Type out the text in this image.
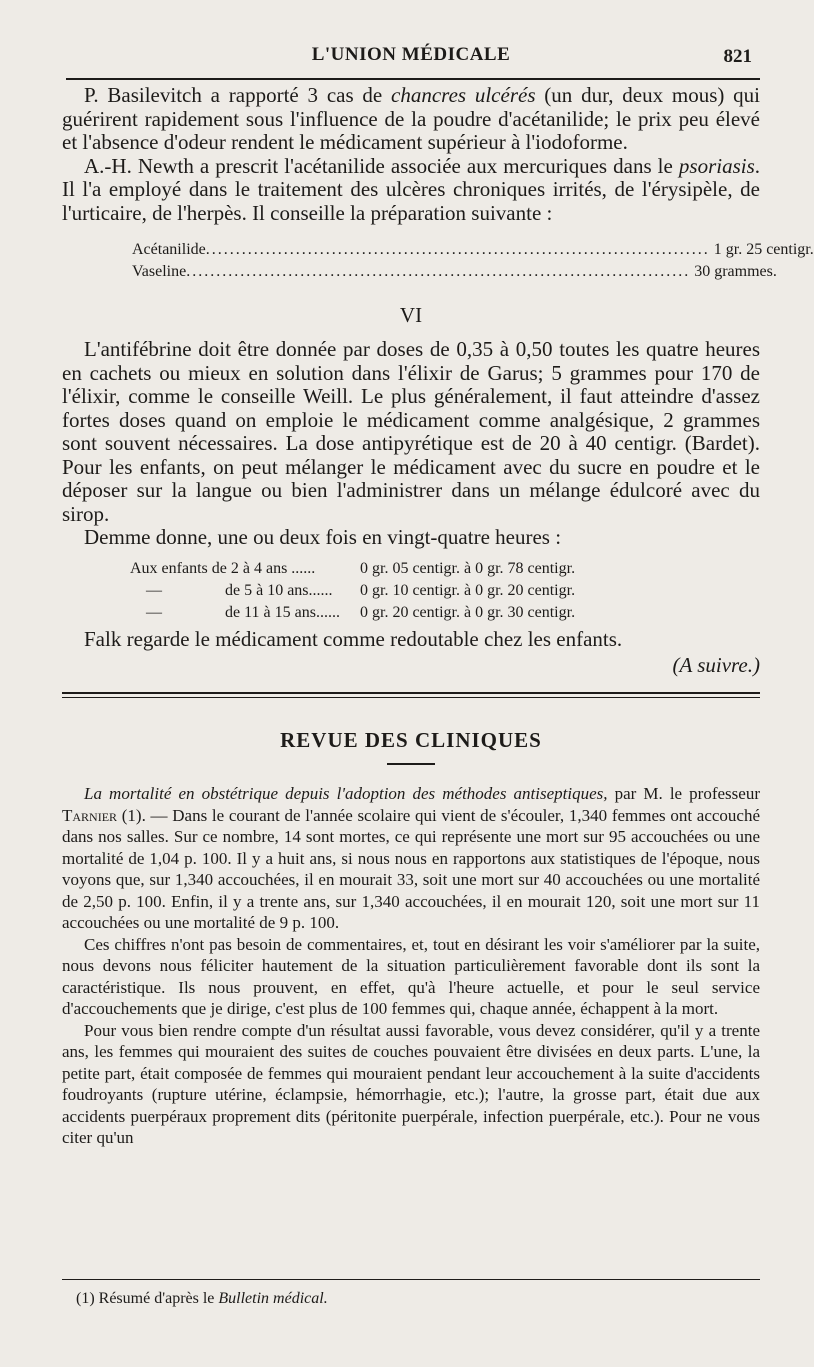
L'UNION MÉDICALE	821

P. Basilevitch a rapporté 3 cas de chancres ulcérés (un dur, deux mous) qui guérirent rapidement sous l'influence de la poudre d'acétanilide; le prix peu élevé et l'absence d'odeur rendent le médicament supérieur à l'iodoforme.

A.-H. Newth a prescrit l'acétanilide associée aux mercuriques dans le psoriasis. Il l'a employé dans le traitement des ulcères chroniques irrités, de l'érysipèle, de l'urticaire, de l'herpès. Il conseille la préparation suivante :

Acétanilide .................................................................................... 1 gr. 25 centigr.
Vaseline .................................................................................... 30 grammes.
VI

L'antifébrine doit être donnée par doses de 0,35 à 0,50 toutes les quatre heures en cachets ou mieux en solution dans l'élixir de Garus; 5 grammes pour 170 de l'élixir, comme le conseille Weill. Le plus généralement, il faut atteindre d'assez fortes doses quand on emploie le médicament comme analgésique, 2 grammes sont souvent nécessaires. La dose antipyrétique est de 20 à 40 centigr. (Bardet). Pour les enfants, on peut mélanger le médicament avec du sucre en poudre et le déposer sur la langue ou bien l'administrer dans un mélange édulcoré avec du sirop.

Demme donne, une ou deux fois en vingt-quatre heures :

Aux enfants de 2 à 4 ans ......	0 gr. 05 centigr. à 0 gr. 78 centigr.
—	de 5 à 10 ans......	0 gr. 10 centigr. à 0 gr. 20 centigr.
—	de 11 à 15 ans......	0 gr. 20 centigr. à 0 gr. 30 centigr.

Falk regarde le médicament comme redoutable chez les enfants.

(A suivre.)
REVUE DES CLINIQUES

La mortalité en obstétrique depuis l'adoption des méthodes antiseptiques, par M. le professeur Tarnier (1). — Dans le courant de l'année scolaire qui vient de s'écouler, 1,340 femmes ont accouché dans nos salles. Sur ce nombre, 14 sont mortes, ce qui représente une mort sur 95 accouchées ou une mortalité de 1,04 p. 100. Il y a huit ans, si nous nous en rapportons aux statistiques de l'époque, nous voyons que, sur 1,340 accouchées, il en mourait 33, soit une mort sur 40 accouchées ou une mortalité de 2,50 p. 100. Enfin, il y a trente ans, sur 1,340 accouchées, il en mourait 120, soit une mort sur 11 accouchées ou une mortalité de 9 p. 100.

Ces chiffres n'ont pas besoin de commentaires, et, tout en désirant les voir s'améliorer par la suite, nous devons nous féliciter hautement de la situation particulièrement favorable dont ils sont la caractéristique. Ils nous prouvent, en effet, qu'à l'heure actuelle, et pour le seul service d'accouchements que je dirige, c'est plus de 100 femmes qui, chaque année, échappent à la mort.

Pour vous bien rendre compte d'un résultat aussi favorable, vous devez considérer, qu'il y a trente ans, les femmes qui mouraient des suites de couches pouvaient être divisées en deux parts. L'une, la petite part, était composée de femmes qui mouraient pendant leur accouchement à la suite d'accidents foudroyants (rupture utérine, éclampsie, hémorrhagie, etc.); l'autre, la grosse part, était due aux accidents puerpéraux proprement dits (péritonite puerpérale, infection puerpérale, etc.). Pour ne vous citer qu'un

(1) Résumé d'après le Bulletin médical.
